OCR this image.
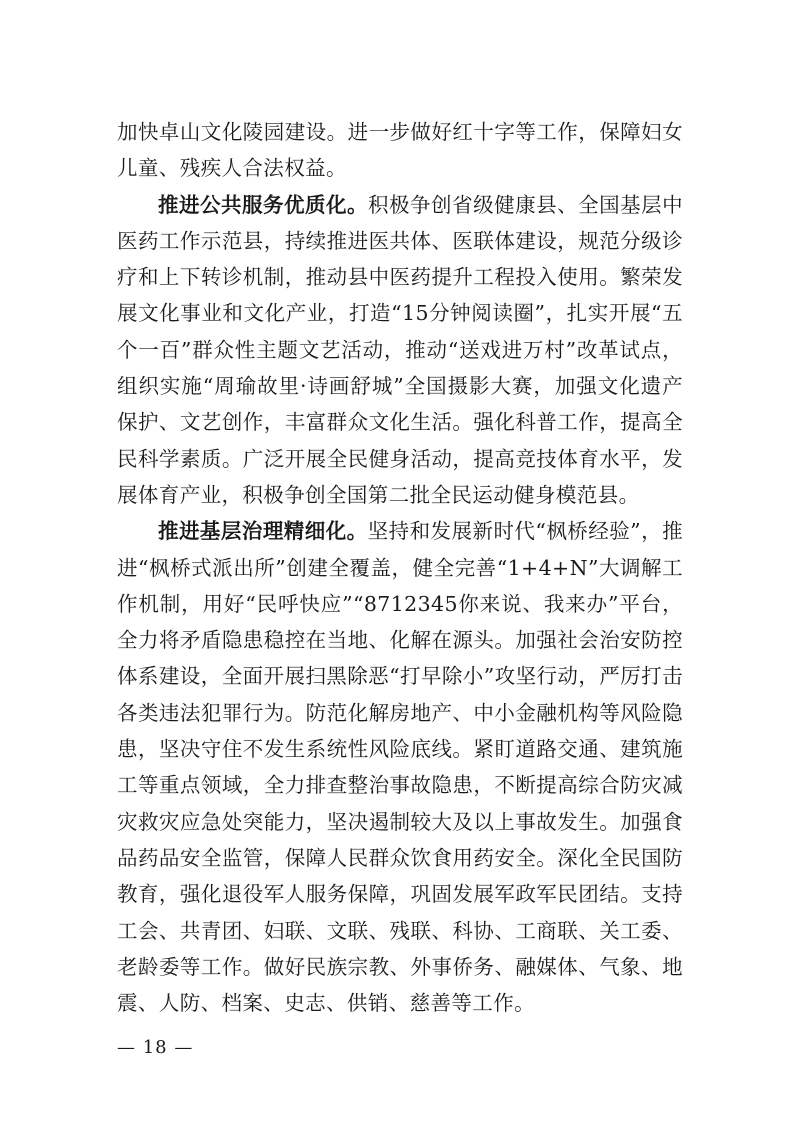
加快卓山文化陵园建设。进一步做好红十字等工作，保障妇女儿童、残疾人合法权益。

推进公共服务优质化。积极争创省级健康县、全国基层中医药工作示范县，持续推进医共体、医联体建设，规范分级诊疗和上下转诊机制，推动县中医药提升工程投入使用。繁荣发展文化事业和文化产业，打造“15分钟阅读圈”，扎实开展“五个一百”群众性主题文艺活动，推动“送戏进万村”改革试点，组织实施“周瑜故里·诗画舒城”全国摄影大赛，加强文化遗产保护、文艺创作，丰富群众文化生活。强化科普工作，提高全民科学素质。广泛开展全民健身活动，提高竞技体育水平，发展体育产业，积极争创全国第二批全民运动健身模范县。

推进基层治理精细化。坚持和发展新时代“枫桥经验”，推进“枫桥式派出所”创建全覆盖，健全完善“1+4+N”大调解工作机制，用好“民呼快应”“8712345你来说、我来办”平台，全力将矛盾隐患稳控在当地、化解在源头。加强社会治安防控体系建设，全面开展扫黑除恶“打早除小”攻坚行动，严厉打击各类违法犯罪行为。防范化解房地产、中小金融机构等风险隐患，坚决守住不发生系统性风险底线。紧盯道路交通、建筑施工等重点领域，全力排查整治事故隐患，不断提高综合防灾减灾救灾应急处突能力，坚决遏制较大及以上事故发生。加强食品药品安全监管，保障人民群众饮食用药安全。深化全民国防教育，强化退役军人服务保障，巩固发展军政军民团结。支持工会、共青团、妇联、文联、残联、科协、工商联、关工委、老龄委等工作。做好民族宗教、外事侨务、融媒体、气象、地震、人防、档案、史志、供销、慈善等工作。

— 18 —
